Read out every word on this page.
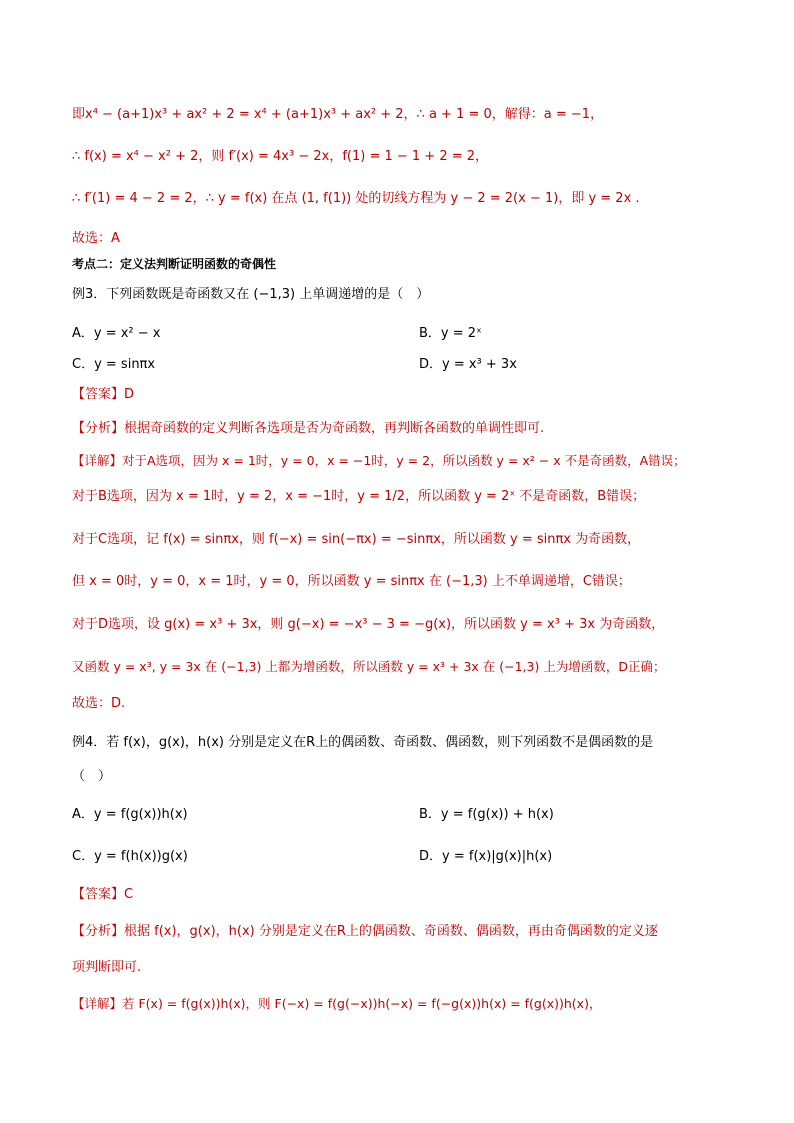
即x⁴ − (a+1)x³ + ax² + 2 = x⁴ + (a+1)x³ + ax² + 2，∴ a + 1 = 0，解得：a = −1，
∴ f(x) = x⁴ − x² + 2，则 f′(x) = 4x³ − 2x，f(1) = 1 − 1 + 2 = 2，
∴ f′(1) = 4 − 2 = 2，∴ y = f(x) 在点 (1, f(1)) 处的切线方程为 y − 2 = 2(x − 1)，即 y = 2x .
故选：A
考点二：定义法判断证明函数的奇偶性
例3．下列函数既是奇函数又在 (−1,3) 上单调递增的是（　）
A．y = x² − x	B．y = 2ˣ
C．y = sinπx	D．y = x³ + 3x
【答案】D
【分析】根据奇函数的定义判断各选项是否为奇函数，再判断各函数的单调性即可.
【详解】对于A选项，因为 x = 1时，y = 0，x = −1时，y = 2，所以函数 y = x² − x 不是奇函数，A错误；
对于B选项，因为 x = 1时，y = 2，x = −1时，y = 1/2，所以函数 y = 2ˣ 不是奇函数，B错误；
对于C选项，记 f(x) = sinπx，则 f(−x) = sin(−πx) = −sinπx，所以函数 y = sinπx 为奇函数，
但 x = 0时，y = 0，x = 1时，y = 0，所以函数 y = sinπx 在 (−1,3) 上不单调递增，C错误；
对于D选项，设 g(x) = x³ + 3x，则 g(−x) = −x³ − 3 = −g(x)，所以函数 y = x³ + 3x 为奇函数，
又函数 y = x³, y = 3x 在 (−1,3) 上都为增函数，所以函数 y = x³ + 3x 在 (−1,3) 上为增函数，D正确；
故选：D.
例4．若 f(x)，g(x)，h(x) 分别是定义在R上的偶函数、奇函数、偶函数，则下列函数不是偶函数的是
（　）
A．y = f(g(x))h(x)	B．y = f(g(x)) + h(x)
C．y = f(h(x))g(x)	D．y = f(x)|g(x)|h(x)
【答案】C
【分析】根据 f(x)，g(x)，h(x) 分别是定义在R上的偶函数、奇函数、偶函数，再由奇偶函数的定义逐
项判断即可.
【详解】若 F(x) = f(g(x))h(x)，则 F(−x) = f(g(−x))h(−x) = f(−g(x))h(x) = f(g(x))h(x)，
